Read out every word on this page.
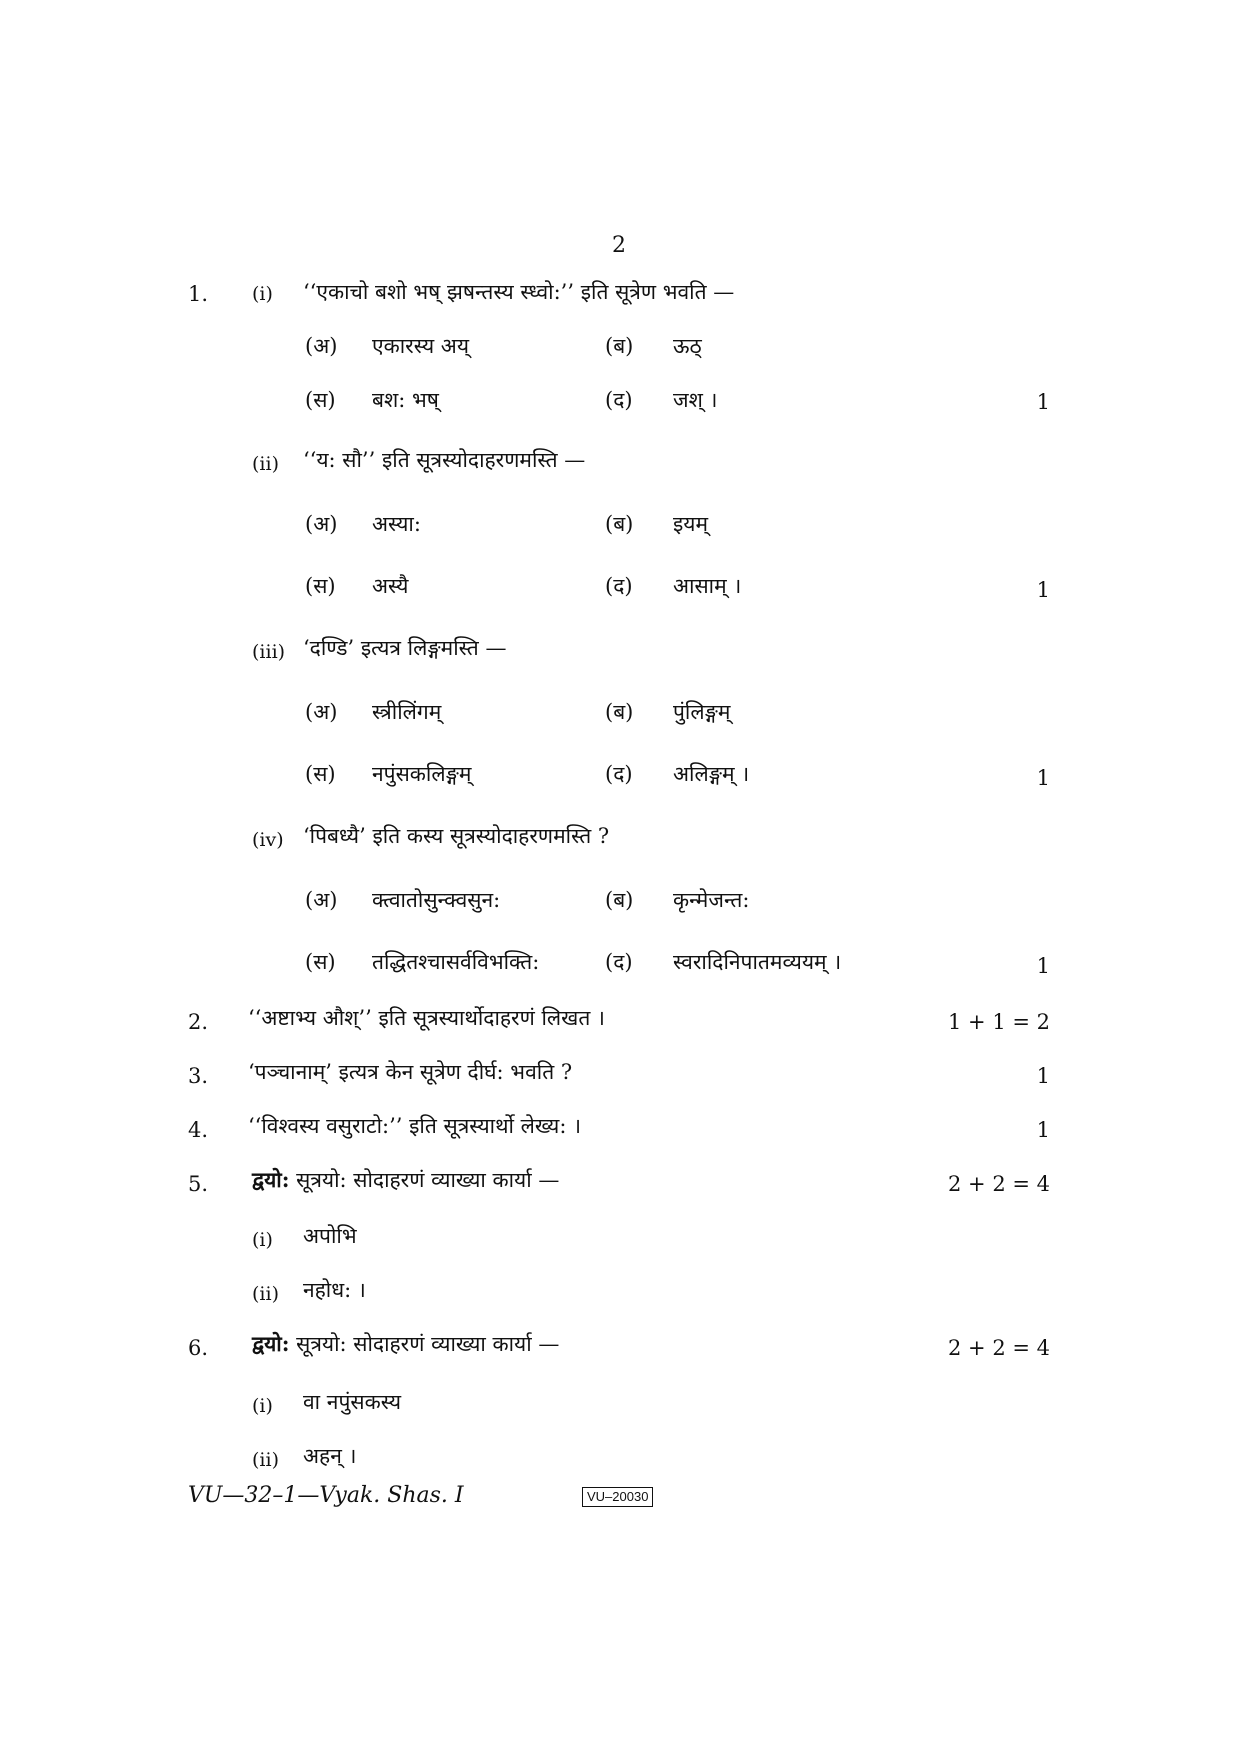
2
1. (i) ‘‘एकाचो बशो भष् झषन्तस्य स्ध्वो:’’ इति सूत्रेण भवति —
(अ) एकारस्य अय्	(ब) ऊठ्
(स) बश: भष्	(द) जश् ।	1
(ii) ‘‘य: सौ’’ इति सूत्रस्योदाहरणमस्ति —
(अ) अस्या:	(ब) इयम्
(स) अस्यै	(द) आसाम् ।	1
(iii) ‘दण्डि’ इत्यत्र लिङ्गमस्ति —
(अ) स्त्रीलिंगम्	(ब) पुंलिङ्गम्
(स) नपुंसकलिङ्गम्	(द) अलिङ्गम् ।	1
(iv) ‘पिबध्यै’ इति कस्य सूत्रस्योदाहरणमस्ति ?
(अ) क्त्वातोसुन्क्वसुन:	(ब) कृन्मेजन्त:
(स) तद्धितश्चासर्वविभक्ति:	(द) स्वरादिनिपातमव्ययम् ।	1
2. ‘‘अष्टाभ्य औश्’’ इति सूत्रस्यार्थोदाहरणं लिखत ।	1 + 1 = 2
3. ‘पञ्चानाम्’ इत्यत्र केन सूत्रेण दीर्घ: भवति ?	1
4. ‘‘विश्वस्य वसुराटो:’’ इति सूत्रस्यार्थो लेख्य: ।	1
5. द्वयो: सूत्रयो: सोदाहरणं व्याख्या कार्या —	2 + 2 = 4
(i) अपोभि
(ii) नहोध: ।
6. द्वयो: सूत्रयो: सोदाहरणं व्याख्या कार्या —	2 + 2 = 4
(i) वा नपुंसकस्य
(ii) अहन् ।
VU—32–1—Vyak. Shas. I	VU–20030
